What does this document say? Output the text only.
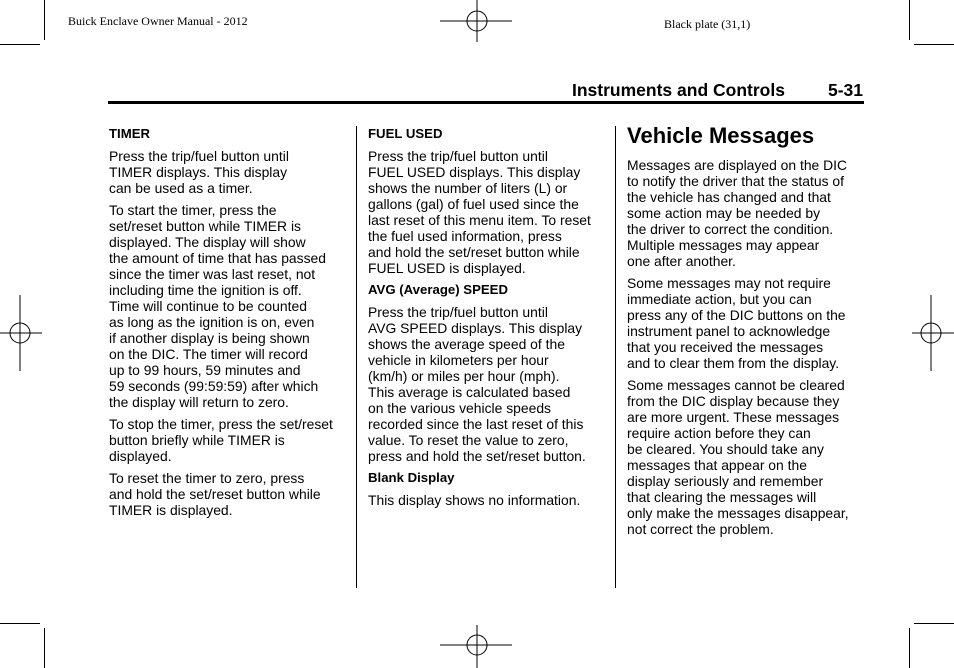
Buick Enclave Owner Manual - 2012	Black plate (31,1)
Instruments and Controls 5-31
TIMER

Press the trip/fuel button until
TIMER displays. This display
can be used as a timer.

To start the timer, press the
set/reset button while TIMER is
displayed. The display will show
the amount of time that has passed
since the timer was last reset, not
including time the ignition is off.
Time will continue to be counted
as long as the ignition is on, even
if another display is being shown
on the DIC. The timer will record
up to 99 hours, 59 minutes and
59 seconds (99:59:59) after which
the display will return to zero.

To stop the timer, press the set/reset
button briefly while TIMER is
displayed.

To reset the timer to zero, press
and hold the set/reset button while
TIMER is displayed.

FUEL USED

Press the trip/fuel button until
FUEL USED displays. This display
shows the number of liters (L) or
gallons (gal) of fuel used since the
last reset of this menu item. To reset
the fuel used information, press
and hold the set/reset button while
FUEL USED is displayed.

AVG (Average) SPEED

Press the trip/fuel button until
AVG SPEED displays. This display
shows the average speed of the
vehicle in kilometers per hour
(km/h) or miles per hour (mph).
This average is calculated based
on the various vehicle speeds
recorded since the last reset of this
value. To reset the value to zero,
press and hold the set/reset button.

Blank Display

This display shows no information.

Vehicle Messages

Messages are displayed on the DIC
to notify the driver that the status of
the vehicle has changed and that
some action may be needed by
the driver to correct the condition.
Multiple messages may appear
one after another.

Some messages may not require
immediate action, but you can
press any of the DIC buttons on the
instrument panel to acknowledge
that you received the messages
and to clear them from the display.

Some messages cannot be cleared
from the DIC display because they
are more urgent. These messages
require action before they can
be cleared. You should take any
messages that appear on the
display seriously and remember
that clearing the messages will
only make the messages disappear,
not correct the problem.
